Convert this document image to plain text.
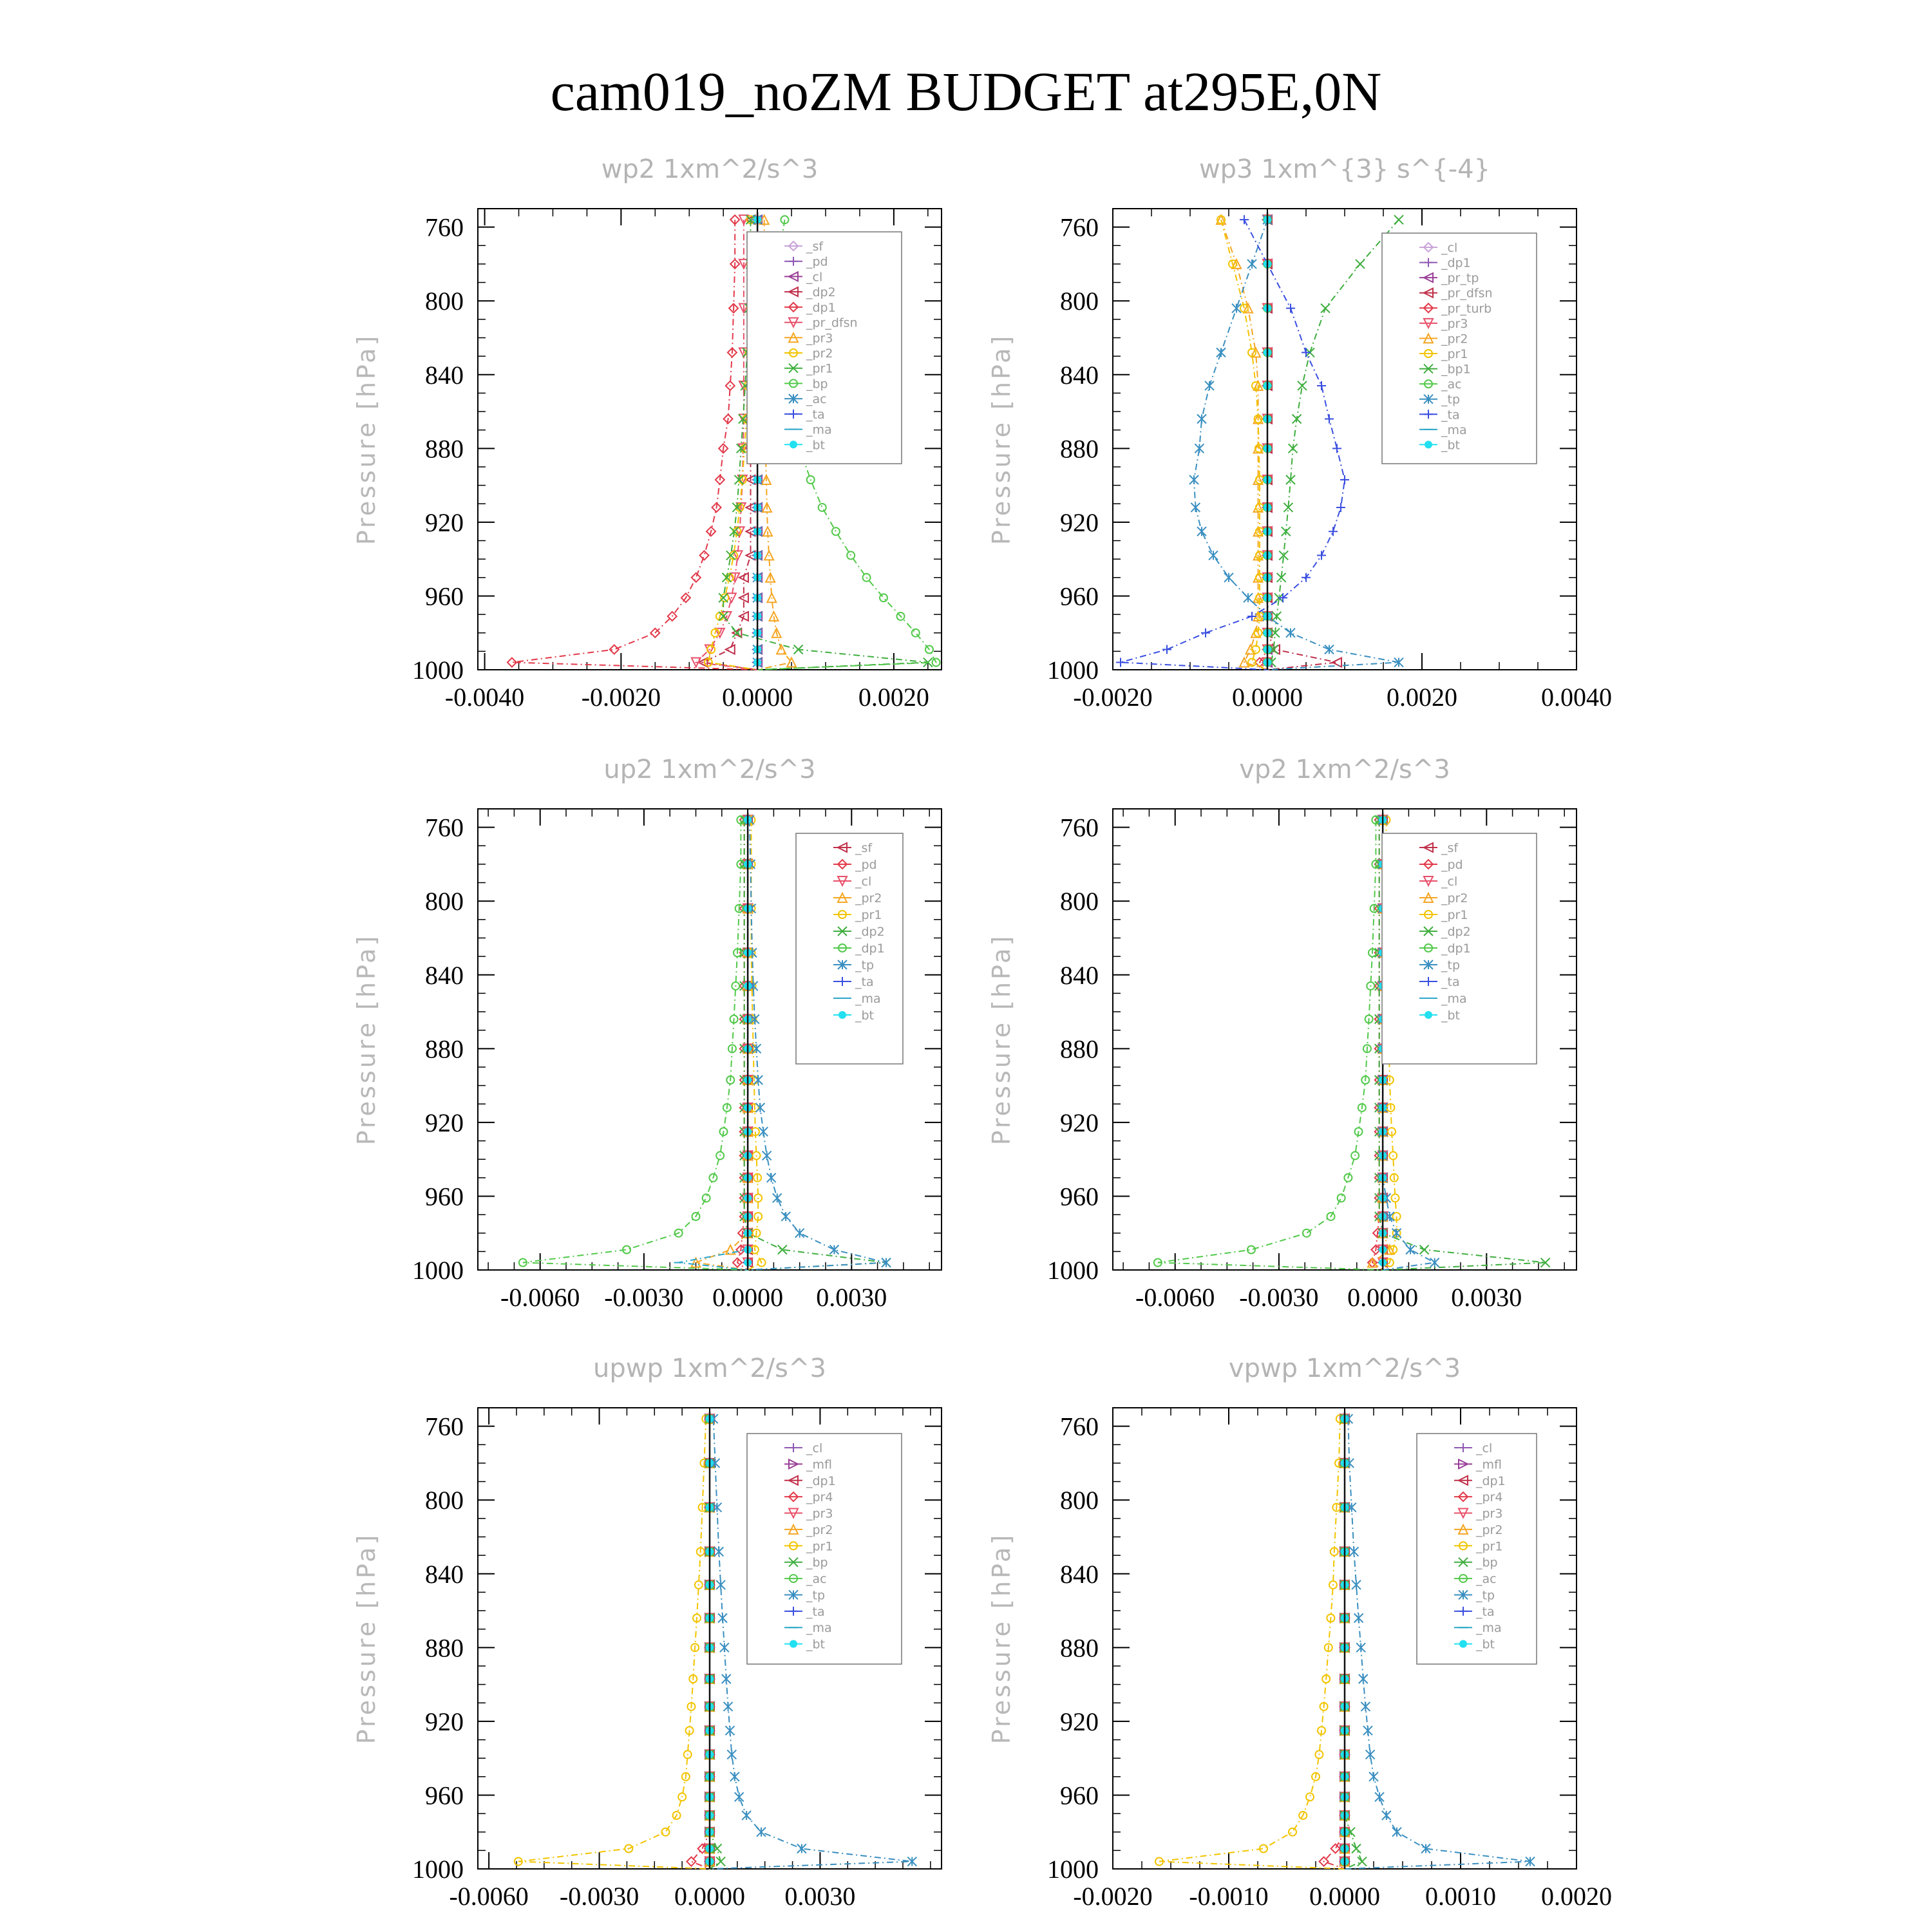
cam019_noZM BUDGET at295E,0N
wp2 1xm^2/s^3
Pressure [hPa]
760
800
840
880
920
960
1000
-0.0040 -0.0020 0.0000	0.0020
_sf
_pd
_cl
_dp2
_dp1
_pr_dfsn
_pr3
_pr2
_pr1
_bp
_ac
_ta
_ma
_bt
wp3 1xm^{3} s^{-4}
Pressure [hPa]
760
800
840
880
920
960
1000
-0.0020	0.0000	0.0020	0.0040
_cl
_dp1
_pr_tp
_pr_dfsn
_pr_turb
_pr3
_pr2
_pr1
_bp1
_ac
_tp
_ta
_ma
_bt
up2 1xm^2/s^3
Pressure [hPa]
760
800
840
880
920
960
1000
-0.0060 -0.0030 0.0000 0.0030
_sf
_pd
_cl
_pr2
_pr1
_dp2
_dp1
_tp
_ta
_ma
_bt
vp2 1xm^2/s^3
Pressure [hPa]
760
800
840
880
920
960
1000
-0.0060 -0.0030 0.0000 0.0030
_sf
_pd
_cl
_pr2
_pr1
_dp2
_dp1
_tp
_ta
_ma
_bt
upwp 1xm^2/s^3
Pressure [hPa]
760
800
840
880
920
960
1000
-0.0060 -0.0030 0.0000 0.0030
_cl
_mfl
_dp1
_pr4
_pr3
_pr2
_pr1
_bp
_ac
_tp
_ta
_ma
_bt
vpwp 1xm^2/s^3
Pressure [hPa]
760
800
840
880
920
960
1000
-0.0020 -0.0010 0.0000 0.0010 0.0020
_cl
_mfl
_dp1
_pr4
_pr3
_pr2
_pr1
_bp
_ac
_tp
_ta
_ma
_bt
